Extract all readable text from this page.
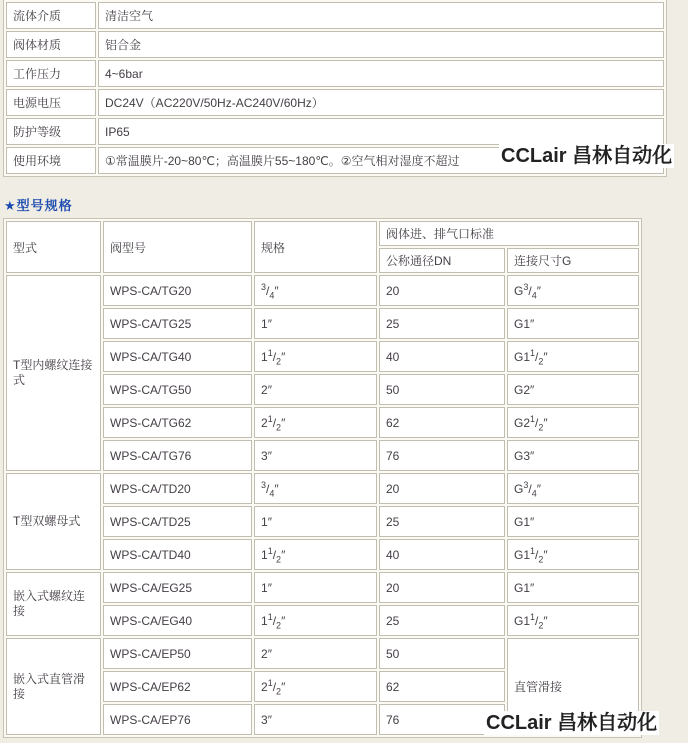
流体介质	清洁空气
阀体材质	铝合金
工作压力	4~6bar
电源电压	DC24V（AC220V/50Hz-AC240V/60Hz）
防护等级	IP65
使用环境	①常温膜片-20~80℃；高温膜片55~180℃。②空气相对湿度不超过
★型号规格
型式	阀型号	规格	阀体进、排气口标准	
			公称通径DN	连接尺寸G
T型内螺纹连接式	WPS-CA/TG20	$^3/_4''$	20	$G^3/_4''$
	WPS-CA/TG25	1″	25	G1″
	WPS-CA/TG40	$1^1/_2''$	40	$G1^1/_2''$
	WPS-CA/TG50	2″	50	G2″
	WPS-CA/TG62	$2^1/_2''$	62	$G2^1/_2''$
	WPS-CA/TG76	3″	76	G3″
T型双螺母式	WPS-CA/TD20	$^3/_4''$	20	$G^3/_4''$
	WPS-CA/TD25	1″	25	G1″
	WPS-CA/TD40	$1^1/_2''$	40	$G1^1/_2''$
嵌入式螺纹连接	WPS-CA/EG25	1″	20	G1″
	WPS-CA/EG40	$1^1/_2''$	25	$G1^1/_2''$
嵌入式直管滑接	WPS-CA/EP50	2″	50	直管滑接
	WPS-CA/EP62	$2^1/_2''$	62	
	WPS-CA/EP76	3″	76	
CCLair 昌林自动化
CCLair 昌林自动化
